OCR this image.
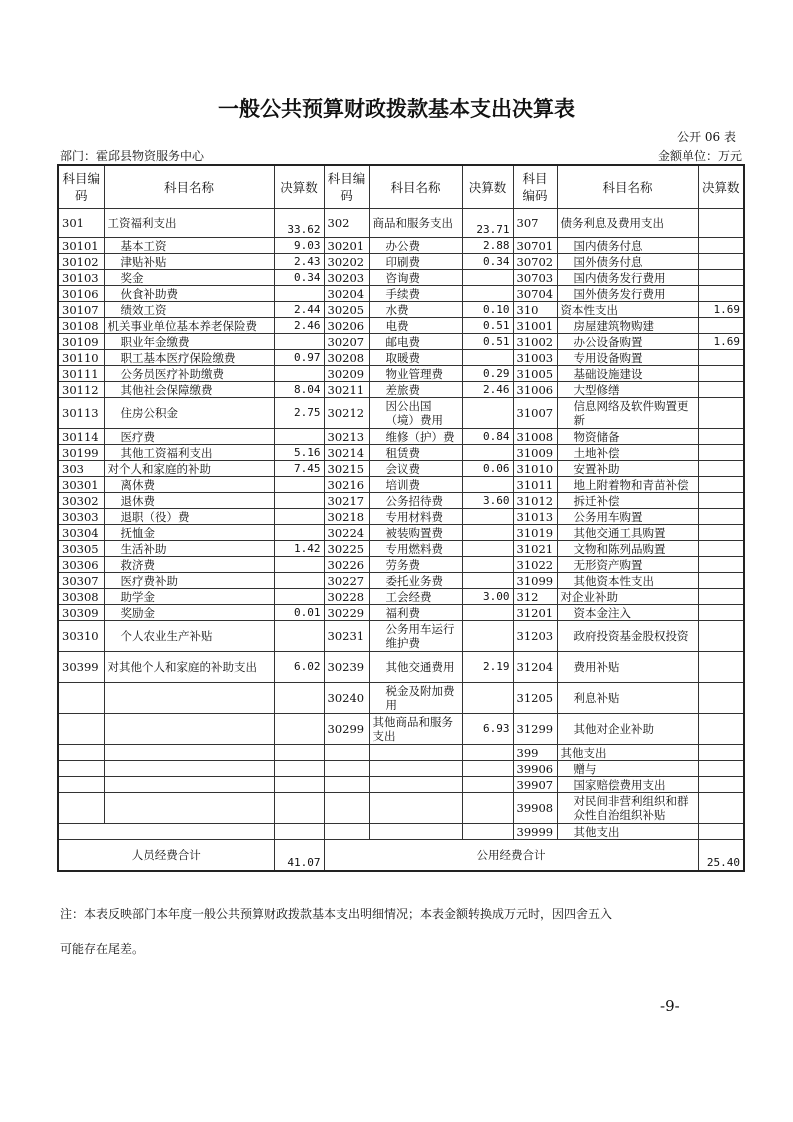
一般公共预算财政拨款基本支出决算表
公开 06 表
部门：霍邱县物资服务中心	金额单位：万元
科目编码	科目名称	决算数	科目编码	科目名称	决算数	科目编码	科目名称	决算数
301	工资福利支出	33.62	302	商品和服务支出	23.71	307	债务利息及费用支出	
30101	基本工资	9.03	30201	办公费	2.88	30701	国内债务付息	
30102	津贴补贴	2.43	30202	印刷费	0.34	30702	国外债务付息	
30103	奖金	0.34	30203	咨询费		30703	国内债务发行费用	
30106	伙食补助费		30204	手续费		30704	国外债务发行费用	
30107	绩效工资	2.44	30205	水费	0.10	310	资本性支出	1.69
30108	机关事业单位基本养老保险费	2.46	30206	电费	0.51	31001	房屋建筑物购建	
30109	职业年金缴费		30207	邮电费	0.51	31002	办公设备购置	1.69
30110	职工基本医疗保险缴费	0.97	30208	取暖费		31003	专用设备购置	
30111	公务员医疗补助缴费		30209	物业管理费	0.29	31005	基础设施建设	
30112	其他社会保障缴费	8.04	30211	差旅费	2.46	31006	大型修缮	
30113	住房公积金	2.75	30212	因公出国（境）费用		31007	信息网络及软件购置更新	
30114	医疗费		30213	维修（护）费	0.84	31008	物资储备	
30199	其他工资福利支出	5.16	30214	租赁费		31009	土地补偿	
303	对个人和家庭的补助	7.45	30215	会议费	0.06	31010	安置补助	
30301	离休费		30216	培训费		31011	地上附着物和青苗补偿	
30302	退休费		30217	公务招待费	3.60	31012	拆迁补偿	
30303	退职（役）费		30218	专用材料费		31013	公务用车购置	
30304	抚恤金		30224	被装购置费		31019	其他交通工具购置	
30305	生活补助	1.42	30225	专用燃料费		31021	文物和陈列品购置	
30306	救济费		30226	劳务费		31022	无形资产购置	
30307	医疗费补助		30227	委托业务费		31099	其他资本性支出	
30308	助学金		30228	工会经费	3.00	312	对企业补助	
30309	奖励金	0.01	30229	福利费		31201	资本金注入	
30310	个人农业生产补贴		30231	公务用车运行维护费		31203	政府投资基金股权投资	
30399	对其他个人和家庭的补助支出	6.02	30239	其他交通费用	2.19	31204	费用补贴	
			30240	税金及附加费用		31205	利息补贴	
			30299	其他商品和服务支出	6.93	31299	其他对企业补助	
						399	其他支出	
						39906	赠与	
						39907	国家赔偿费用支出	
						39908	对民间非营利组织和群众性自治组织补贴	
						39999	其他支出	
人员经费合计		41.07	公用经费合计					25.40
注：本表反映部门本年度一般公共预算财政拨款基本支出明细情况；本表金额转换成万元时，因四舍五入
可能存在尾差。
-9-
